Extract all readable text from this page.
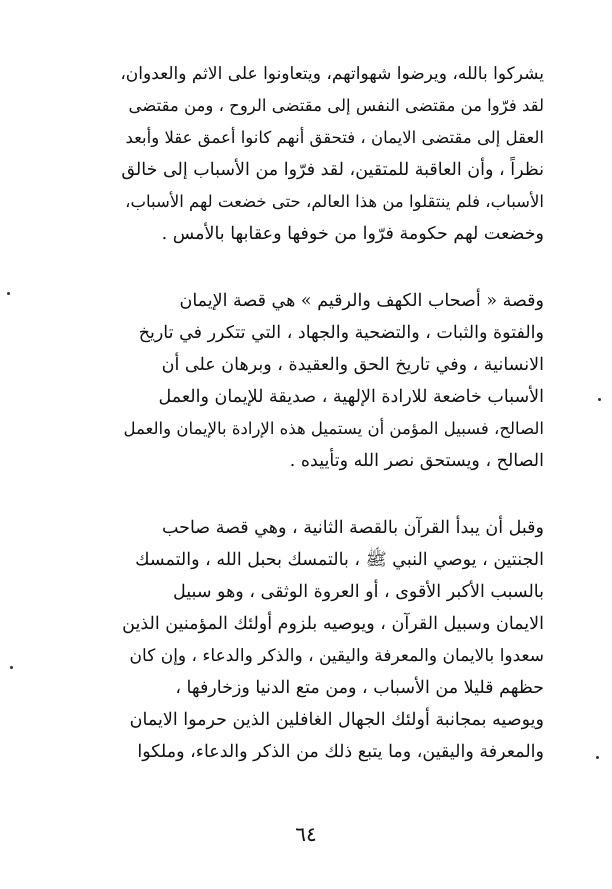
يشركوا بالله، ويرضوا شهواتهم، ويتعاونوا على الاثم والعدوان،
لقد فرّوا من مقتضى النفس إلى مقتضى الروح ، ومن مقتضى
العقل إلى مقتضى الايمان ، فتحقق أنهم كانوا أعمق عقلا وأبعد
نظراً ، وأن العاقبة للمتقين، لقد فرّوا من الأسباب إلى خالق
الأسباب، فلم ينتقلوا من هذا العالم، حتى خضعت لهم الأسباب،
وخضعت لهم حكومة فرّوا من خوفها وعقابها بالأمس .
وقصة « أصحاب الكهف والرقيم » هي قصة الإيمان
والفتوة والثبات ، والتضحية والجهاد ، التي تتكرر في تاريخ
الانسانية ، وفي تاريخ الحق والعقيدة ، وبرهان على أن
الأسباب خاضعة للارادة الإلهية ، صديقة للإيمان والعمل
الصالح، فسبيل المؤمن أن يستميل هذه الإرادة بالإيمان والعمل
الصالح ، ويستحق نصر الله وتأييده .
وقبل أن يبدأ القرآن بالقصة الثانية ، وهي قصة صاحب
الجنتين ، يوصي النبي ﷺ ، بالتمسك بحبل الله ، والتمسك
بالسبب الأكبر الأقوى ، أو العروة الوثقى ، وهو سبيل
الايمان وسبيل القرآن ، ويوصيه بلزوم أولئك المؤمنين الذين
سعدوا بالايمان والمعرفة واليقين ، والذكر والدعاء ، وإن كان
حظهم قليلا من الأسباب ، ومن متع الدنيا وزخارفها ،
ويوصيه بمجانبة أولئك الجهال الغافلين الذين حرموا الايمان
والمعرفة واليقين، وما يتبع ذلك من الذكر والدعاء، وملكوا
٦٤
